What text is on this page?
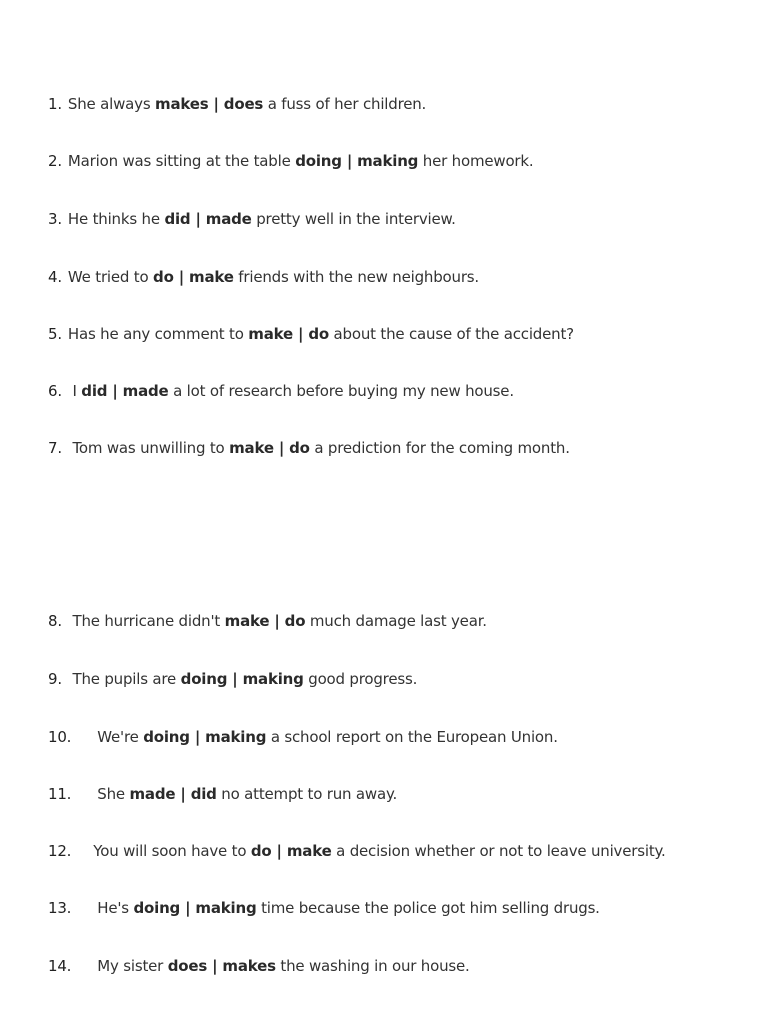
1. She always makes | does a fuss of her children.
2. Marion was sitting at the table doing | making her homework.
3. He thinks he did | made pretty well in the interview.
4. We tried to do | make friends with the new neighbours.
5. Has he any comment to make | do about the cause of the accident?
6. I did | made a lot of research before buying my new house.
7. Tom was unwilling to make | do a prediction for the coming month.
8. The hurricane didn't make | do much damage last year.
9. The pupils are doing | making good progress.
10. We're doing | making a school report on the European Union.
11. She made | did no attempt to run away.
12. You will soon have to do | make a decision whether or not to leave university.
13. He's doing | making time because the police got him selling drugs.
14. My sister does | makes the washing in our house.
